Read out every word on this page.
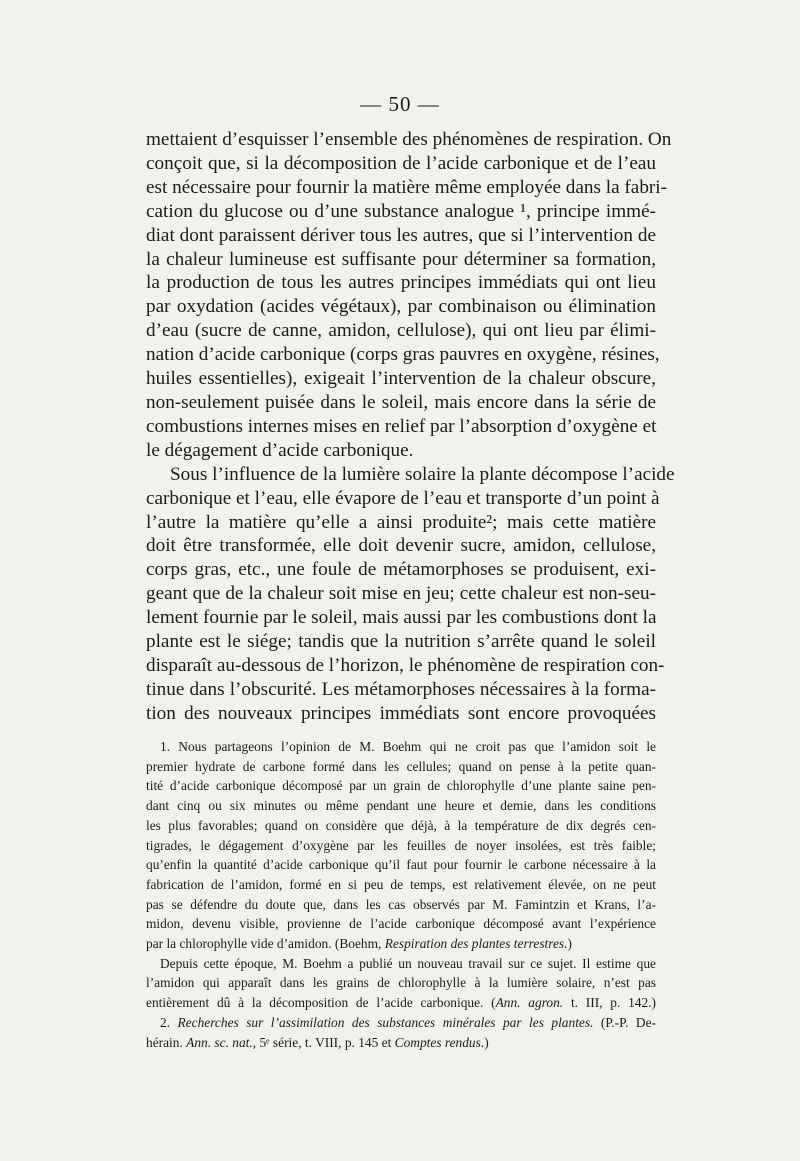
— 50 —
mettaient d’esquisser l’ensemble des phénomènes de respiration. On
conçoit que, si la décomposition de l’acide carbonique et de l’eau
est nécessaire pour fournir la matière même employée dans la fabri-
cation du glucose ou d’une substance analogue ¹, principe immé-
diat dont paraissent dériver tous les autres, que si l’intervention de
la chaleur lumineuse est suffisante pour déterminer sa formation,
la production de tous les autres principes immédiats qui ont lieu
par oxydation (acides végétaux), par combinaison ou élimination
d’eau (sucre de canne, amidon, cellulose), qui ont lieu par élimi-
nation d’acide carbonique (corps gras pauvres en oxygène, résines,
huiles essentielles), exigeait l’intervention de la chaleur obscure,
non-seulement puisée dans le soleil, mais encore dans la série de
combustions internes mises en relief par l’absorption d’oxygène et
le dégagement d’acide carbonique.
Sous l’influence de la lumière solaire la plante décompose l’acide
carbonique et l’eau, elle évapore de l’eau et transporte d’un point à
l’autre la matière qu’elle a ainsi produite²; mais cette matière
doit être transformée, elle doit devenir sucre, amidon, cellulose,
corps gras, etc., une foule de métamorphoses se produisent, exi-
geant que de la chaleur soit mise en jeu; cette chaleur est non-seu-
lement fournie par le soleil, mais aussi par les combustions dont la
plante est le siége; tandis que la nutrition s’arrête quand le soleil
disparaît au-dessous de l’horizon, le phénomène de respiration con-
tinue dans l’obscurité. Les métamorphoses nécessaires à la forma-
tion des nouveaux principes immédiats sont encore provoquées
1. Nous partageons l’opinion de M. Boehm qui ne croit pas que l’amidon soit le
premier hydrate de carbone formé dans les cellules; quand on pense à la petite quan-
tité d’acide carbonique décomposé par un grain de chlorophylle d’une plante saine pen-
dant cinq ou six minutes ou même pendant une heure et demie, dans les conditions
les plus favorables; quand on considère que déjà, à la température de dix degrés cen-
tigrades, le dégagement d’oxygène par les feuilles de noyer insolées, est très faible;
qu’enfin la quantité d’acide carbonique qu’il faut pour fournir le carbone nécessaire à la
fabrication de l’amidon, formé en si peu de temps, est relativement élevée, on ne peut
pas se défendre du doute que, dans les cas observés par M. Famintzin et Krans, l’a-
midon, devenu visible, provienne de l’acide carbonique décomposé avant l’expérience
par la chlorophylle vide d’amidon. (Boehm, Respiration des plantes terrestres.)
Depuis cette époque, M. Boehm a publié un nouveau travail sur ce sujet. Il estime que
l’amidon qui apparaît dans les grains de chlorophylle à la lumière solaire, n’est pas
entièrement dû à la décomposition de l’acide carbonique. (Ann. agron. t. III, p. 142.)
2. Recherches sur l’assimilation des substances minérales par les plantes. (P.-P. De-
hérain. Ann. sc. nat., 5ᵉ série, t. VIII, p. 145 et Comptes rendus.)
